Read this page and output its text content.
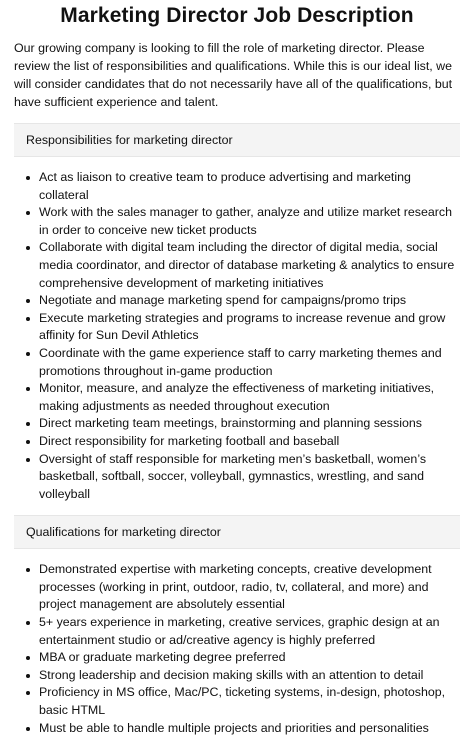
Marketing Director Job Description

Our growing company is looking to fill the role of marketing director. Please review the list of responsibilities and qualifications. While this is our ideal list, we will consider candidates that do not necessarily have all of the qualifications, but have sufficient experience and talent.

Responsibilities for marketing director
Act as liaison to creative team to produce advertising and marketing collateral
Work with the sales manager to gather, analyze and utilize market research in order to conceive new ticket products
Collaborate with digital team including the director of digital media, social media coordinator, and director of database marketing & analytics to ensure comprehensive development of marketing initiatives
Negotiate and manage marketing spend for campaigns/promo trips
Execute marketing strategies and programs to increase revenue and grow affinity for Sun Devil Athletics
Coordinate with the game experience staff to carry marketing themes and promotions throughout in-game production
Monitor, measure, and analyze the effectiveness of marketing initiatives, making adjustments as needed throughout execution
Direct marketing team meetings, brainstorming and planning sessions
Direct responsibility for marketing football and baseball
Oversight of staff responsible for marketing men’s basketball, women’s basketball, softball, soccer, volleyball, gymnastics, wrestling, and sand volleyball
Qualifications for marketing director
Demonstrated expertise with marketing concepts, creative development processes (working in print, outdoor, radio, tv, collateral, and more) and project management are absolutely essential
5+ years experience in marketing, creative services, graphic design at an entertainment studio or ad/creative agency is highly preferred
MBA or graduate marketing degree preferred
Strong leadership and decision making skills with an attention to detail
Proficiency in MS office, Mac/PC, ticketing systems, in-design, photoshop, basic HTML
Must be able to handle multiple projects and priorities and personalities
